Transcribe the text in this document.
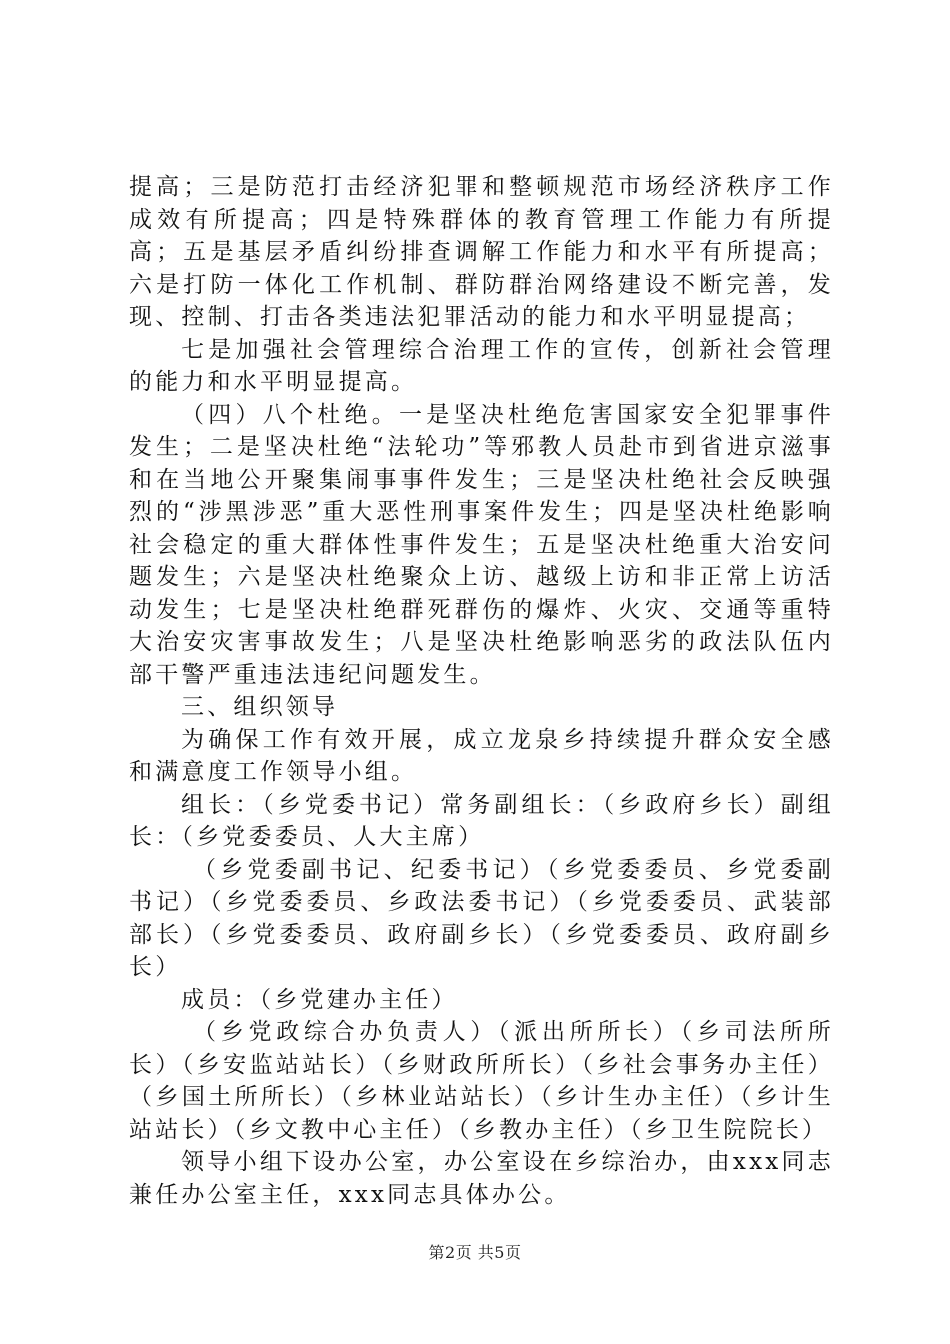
提高；三是防范打击经济犯罪和整顿规范市场经济秩序工作成效有所提高；四是特殊群体的教育管理工作能力有所提高；五是基层矛盾纠纷排查调解工作能力和水平有所提高；六是打防一体化工作机制、群防群治网络建设不断完善，发现、控制、打击各类违法犯罪活动的能力和水平明显提高；

七是加强社会管理综合治理工作的宣传，创新社会管理的能力和水平明显提高。

（四）八个杜绝。一是坚决杜绝危害国家安全犯罪事件发生；二是坚决杜绝“法轮功”等邪教人员赴市到省进京滋事和在当地公开聚集闹事事件发生；三是坚决杜绝社会反映强烈的“涉黑涉恶”重大恶性刑事案件发生；四是坚决杜绝影响社会稳定的重大群体性事件发生；五是坚决杜绝重大治安问题发生；六是坚决杜绝聚众上访、越级上访和非正常上访活动发生；七是坚决杜绝群死群伤的爆炸、火灾、交通等重特大治安灾害事故发生；八是坚决杜绝影响恶劣的政法队伍内部干警严重违法违纪问题发生。

三、组织领导

为确保工作有效开展，成立龙泉乡持续提升群众安全感和满意度工作领导小组。

组长：（乡党委书记）常务副组长：（乡政府乡长）副组长：（乡党委委员、人大主席）

（乡党委副书记、纪委书记）（乡党委委员、乡党委副书记）（乡党委委员、乡政法委书记）（乡党委委员、武装部部长）（乡党委委员、政府副乡长）（乡党委委员、政府副乡长）

成员：（乡党建办主任）

（乡党政综合办负责人）（派出所所长）（乡司法所所长）（乡安监站站长）（乡财政所所长）（乡社会事务办主任）（乡国土所所长）（乡林业站站长）（乡计生办主任）（乡计生站站长）（乡文教中心主任）（乡教办主任）（乡卫生院院长）

领导小组下设办公室，办公室设在乡综治办，由xxx同志兼任办公室主任，xxx同志具体办公。

第2页 共5页
